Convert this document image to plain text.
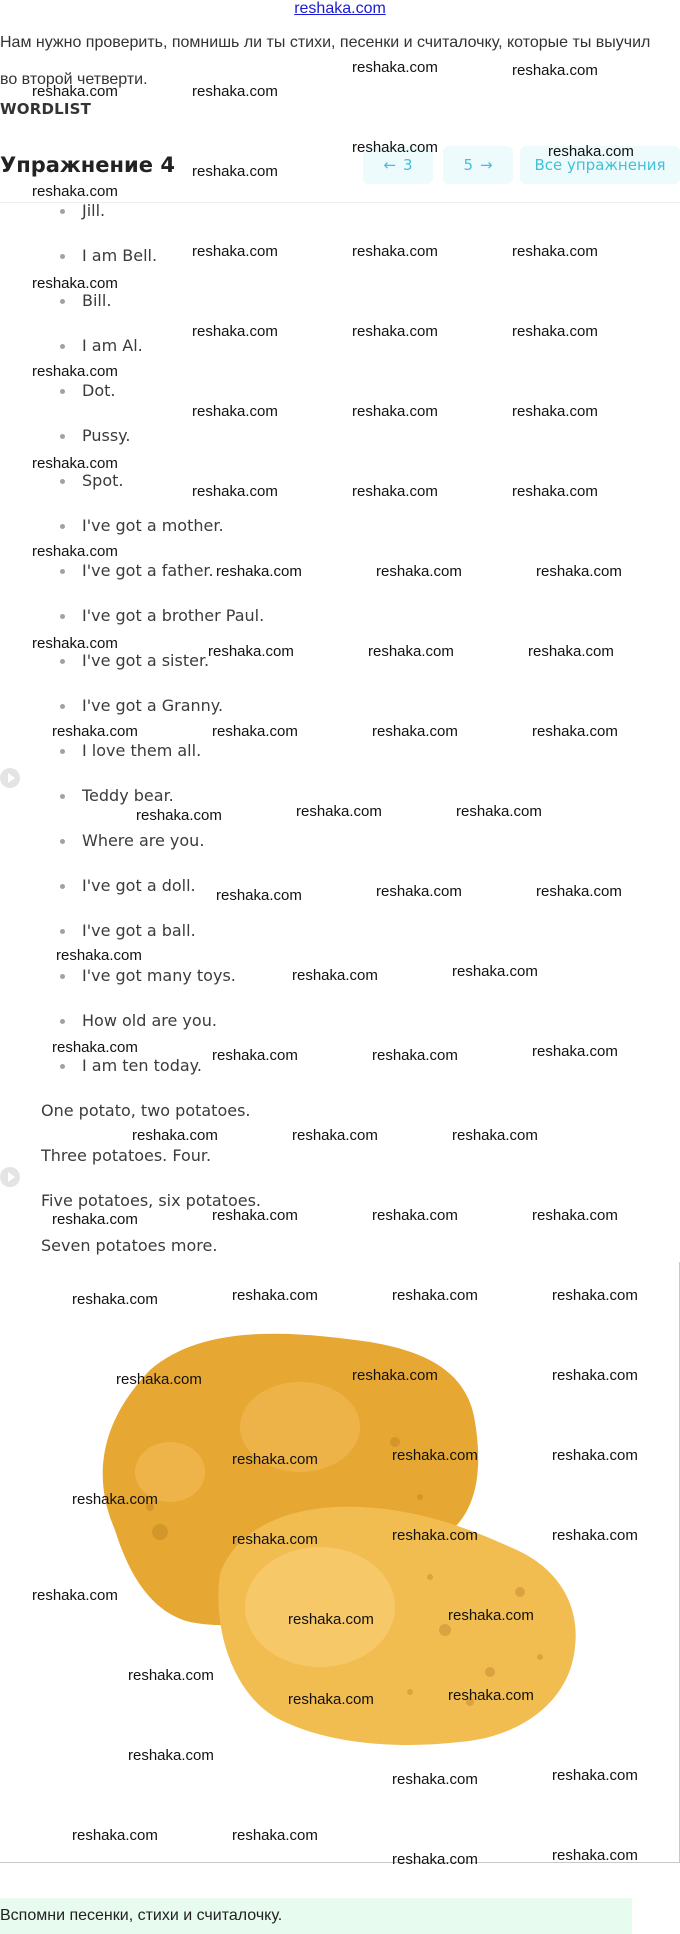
reshaka.com
Нам нужно проверить, помнишь ли ты стихи, песенки и считалочку, которые ты выучил во второй четверти.
WORDLIST
Упражнение 4	← 3	5 →	Все упражнения
Jill.
I am Bell.
Bill.
I am Al.
Dot.
Pussy.
Spot.
I've got a mother.
I've got a father.
I've got a brother Paul.
I've got a sister.
I've got a Granny.
I love them all.
Teddy bear.
Where are you.
I've got a doll.
I've got a ball.
I've got many toys.
How old are you.
I am ten today.
One potato, two potatoes.
Three potatoes. Four.
Five potatoes, six potatoes.
Seven potatoes more.
Вспомни песенки, стихи и считалочку.
reshaka.com	reshaka.com
reshaka.com	reshaka.com
reshaka.com	reshaka.com
reshaka.com
reshaka.com
reshaka.com	reshaka.com	reshaka.com
reshaka.com
reshaka.com	reshaka.com	reshaka.com
reshaka.com
reshaka.com	reshaka.com	reshaka.com
reshaka.com
reshaka.com	reshaka.com	reshaka.com
reshaka.com
reshaka.com	reshaka.com	reshaka.com
reshaka.com	reshaka.com	reshaka.com	reshaka.com
reshaka.com	reshaka.com	reshaka.com	reshaka.com
reshaka.com	reshaka.com	reshaka.com
reshaka.com	reshaka.com	reshaka.com
reshaka.com
reshaka.com	reshaka.com
reshaka.com	reshaka.com	reshaka.com	reshaka.com
reshaka.com	reshaka.com	reshaka.com
reshaka.com	reshaka.com	reshaka.com	reshaka.com
reshaka.com	reshaka.com	reshaka.com	reshaka.com
reshaka.com	reshaka.com	reshaka.com
reshaka.com	reshaka.com	reshaka.com
reshaka.com
reshaka.com	reshaka.com	reshaka.com
reshaka.com
reshaka.com	reshaka.com
reshaka.com
reshaka.com	reshaka.com
reshaka.com
reshaka.com	reshaka.com
reshaka.com	reshaka.com
reshaka.com	reshaka.com
